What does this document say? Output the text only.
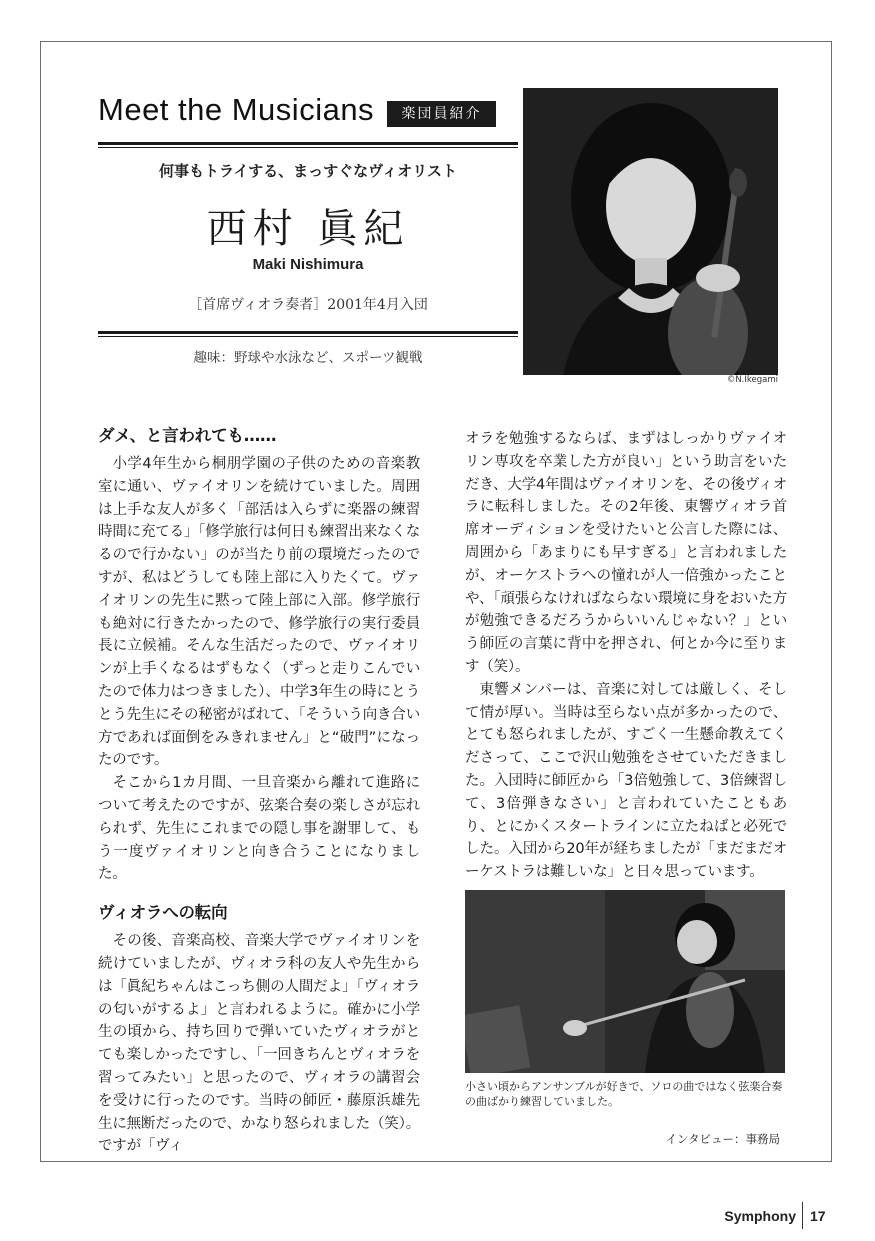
Meet the Musicians	楽団員紹介
何事もトライする、まっすぐなヴィオリスト
西村 眞紀
Maki Nishimura
［首席ヴィオラ奏者］2001年4月入団
趣味：野球や水泳など、スポーツ観戦
©N.Ikegami
ダメ、と言われても……

小学4年生から桐朋学園の子供のための音楽教室に通い、ヴァイオリンを続けていました。周囲は上手な友人が多く「部活は入らずに楽器の練習時間に充てる」「修学旅行は何日も練習出来なくなるので行かない」のが当たり前の環境だったのですが、私はどうしても陸上部に入りたくて。ヴァイオリンの先生に黙って陸上部に入部。修学旅行も絶対に行きたかったので、修学旅行の実行委員長に立候補。そんな生活だったので、ヴァイオリンが上手くなるはずもなく（ずっと走りこんでいたので体力はつきました）、中学3年生の時にとうとう先生にその秘密がばれて、「そういう向き合い方であれば面倒をみきれません」と“破門”になったのです。

そこから1カ月間、一旦音楽から離れて進路について考えたのですが、弦楽合奏の楽しさが忘れられず、先生にこれまでの隠し事を謝罪して、もう一度ヴァイオリンと向き合うことになりました。

ヴィオラへの転向

その後、音楽高校、音楽大学でヴァイオリンを続けていましたが、ヴィオラ科の友人や先生からは「眞紀ちゃんはこっち側の人間だよ」「ヴィオラの匂いがするよ」と言われるように。確かに小学生の頃から、持ち回りで弾いていたヴィオラがとても楽しかったですし、「一回きちんとヴィオラを習ってみたい」と思ったので、ヴィオラの講習会を受けに行ったのです。当時の師匠・藤原浜雄先生に無断だったので、かなり怒られました（笑）。ですが「ヴィ

オラを勉強するならば、まずはしっかりヴァイオリン専攻を卒業した方が良い」という助言をいただき、大学4年間はヴァイオリンを、その後ヴィオラに転科しました。その2年後、東響ヴィオラ首席オーディションを受けたいと公言した際には、周囲から「あまりにも早すぎる」と言われましたが、オーケストラへの憧れが人一倍強かったことや、「頑張らなければならない環境に身をおいた方が勉強できるだろうからいいんじゃない？」という師匠の言葉に背中を押され、何とか今に至ります（笑）。

東響メンバーは、音楽に対しては厳しく、そして情が厚い。当時は至らない点が多かったので、とても怒られましたが、すごく一生懸命教えてくださって、ここで沢山勉強をさせていただきました。入団時に師匠から「3倍勉強して、3倍練習して、3倍弾きなさい」と言われていたこともあり、とにかくスタートラインに立たねばと必死でした。入団から20年が経ちましたが「まだまだオーケストラは難しいな」と日々思っています。

小さい頃からアンサンブルが好きで、ソロの曲ではなく弦楽合奏の曲ばかり練習していました。
インタビュー：事務局
Symphony 17
